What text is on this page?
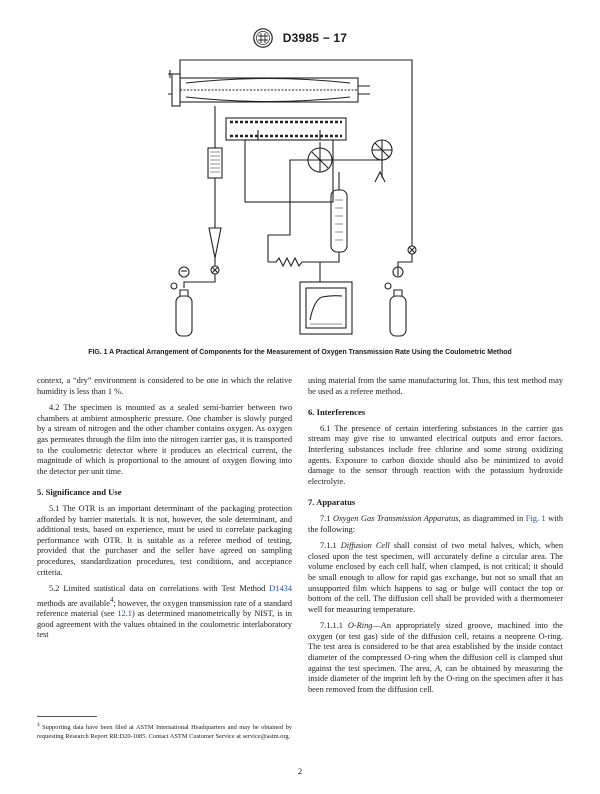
D3985 − 17
FIG. 1 A Practical Arrangement of Components for the Measurement of Oxygen Transmission Rate Using the Coulometric Method

context, a “dry” environment is considered to be one in which the relative humidity is less than 1 %.

4.2 The specimen is mounted as a sealed semi-barrier between two chambers at ambient atmospheric pressure. One chamber is slowly purged by a stream of nitrogen and the other chamber contains oxygen. As oxygen gas permeates through the film into the nitrogen carrier gas, it is transported to the coulometric detector where it produces an electrical current, the magnitude of which is proportional to the amount of oxygen flowing into the detector per unit time.

5. Significance and Use

5.1 The OTR is an important determinant of the packaging protection afforded by barrier materials. It is not, however, the sole determinant, and additional tests, based on experience, must be used to correlate packaging performance with OTR. It is suitable as a referee method of testing, provided that the purchaser and the seller have agreed on sampling procedures, standardization procedures, test conditions, and acceptance criteria.

5.2 Limited statistical data on correlations with Test Method D1434 methods are available$^4$; however, the oxygen transmission rate of a standard reference material (see 12.1) as determined manometrically by NIST, is in good agreement with the values obtained in the coulometric interlaboratory test

using material from the same manufacturing lot. Thus, this test method may be used as a referee method.

6. Interferences

6.1 The presence of certain interfering substances in the carrier gas stream may give rise to unwanted electrical outputs and error factors. Interfering substances include free chlorine and some strong oxidizing agents. Exposure to carbon dioxide should also be minimized to avoid damage to the sensor through reaction with the potassium hydroxide electrolyte.

7. Apparatus

7.1 Oxygen Gas Transmission Apparatus, as diagrammed in Fig. 1 with the following:

7.1.1 Diffusion Cell shall consist of two metal halves, which, when closed upon the test specimen, will accurately define a circular area. The volume enclosed by each cell half, when clamped, is not critical; it should be small enough to allow for rapid gas exchange, but not so small that an unsupported film which happens to sag or bulge will contact the top or bottom of the cell. The diffusion cell shall be provided with a thermometer well for measuring temperature.

7.1.1.1 O-Ring—An appropriately sized groove, machined into the oxygen (or test gas) side of the diffusion cell, retains a neoprene O-ring. The test area is considered to be that area established by the inside contact diameter of the compressed O-ring when the diffusion cell is clamped shut against the test specimen. The area, A, can be obtained by measuring the inside diameter of the imprint left by the O-ring on the specimen after it has been removed from the diffusion cell.

$^4$ Supporting data have been filed at ASTM International Headquarters and may be obtained by requesting Research Report RR:D20-1085. Contact ASTM Customer Service at service@astm.org.
2
